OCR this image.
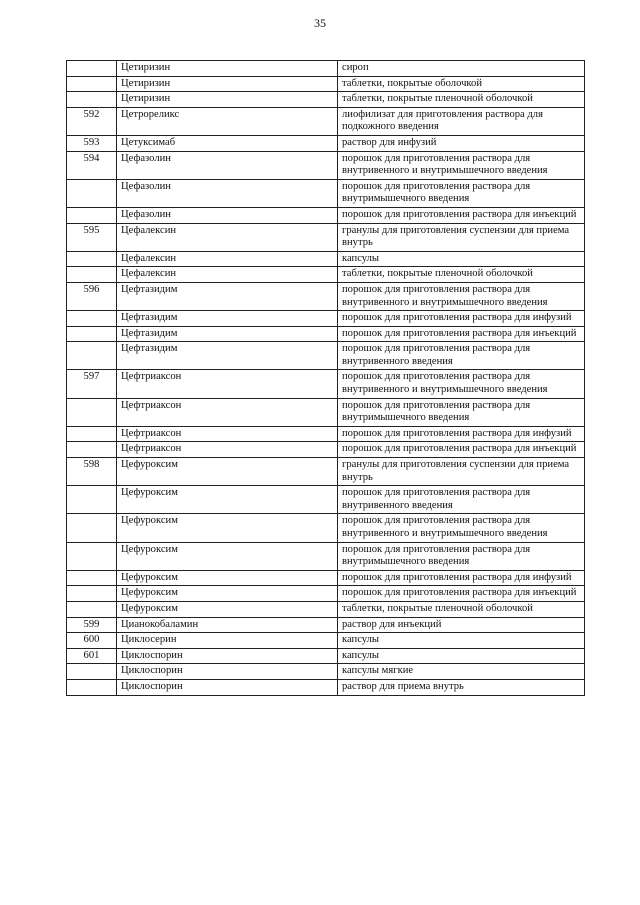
35
	Цетиризин	сироп
	Цетиризин	таблетки, покрытые оболочкой
	Цетиризин	таблетки, покрытые пленочной оболочкой
592	Цетрореликс	лиофилизат для приготовления раствора для подкожного введения
593	Цетуксимаб	раствор для инфузий
594	Цефазолин	порошок для приготовления раствора для внутривенного и внутримышечного введения
	Цефазолин	порошок для приготовления раствора для внутримышечного введения
	Цефазолин	порошок для приготовления раствора для инъекций
595	Цефалексин	гранулы для приготовления суспензии для приема внутрь
	Цефалексин	капсулы
	Цефалексин	таблетки, покрытые пленочной оболочкой
596	Цефтазидим	порошок для приготовления раствора для внутривенного и внутримышечного введения
	Цефтазидим	порошок для приготовления раствора для инфузий
	Цефтазидим	порошок для приготовления раствора для инъекций
	Цефтазидим	порошок для приготовления раствора для внутривенного введения
597	Цефтриаксон	порошок для приготовления раствора для внутривенного и внутримышечного введения
	Цефтриаксон	порошок для приготовления раствора для внутримышечного введения
	Цефтриаксон	порошок для приготовления раствора для инфузий
	Цефтриаксон	порошок для приготовления раствора для инъекций
598	Цефуроксим	гранулы для приготовления суспензии для приема внутрь
	Цефуроксим	порошок для приготовления раствора для внутривенного введения
	Цефуроксим	порошок для приготовления раствора для внутривенного и внутримышечного введения
	Цефуроксим	порошок для приготовления раствора для внутримышечного введения
	Цефуроксим	порошок для приготовления раствора для инфузий
	Цефуроксим	порошок для приготовления раствора для инъекций
	Цефуроксим	таблетки, покрытые пленочной оболочкой
599	Цианокобаламин	раствор для инъекций
600	Циклосерин	капсулы
601	Циклоспорин	капсулы
	Циклоспорин	капсулы мягкие
	Циклоспорин	раствор для приема внутрь
